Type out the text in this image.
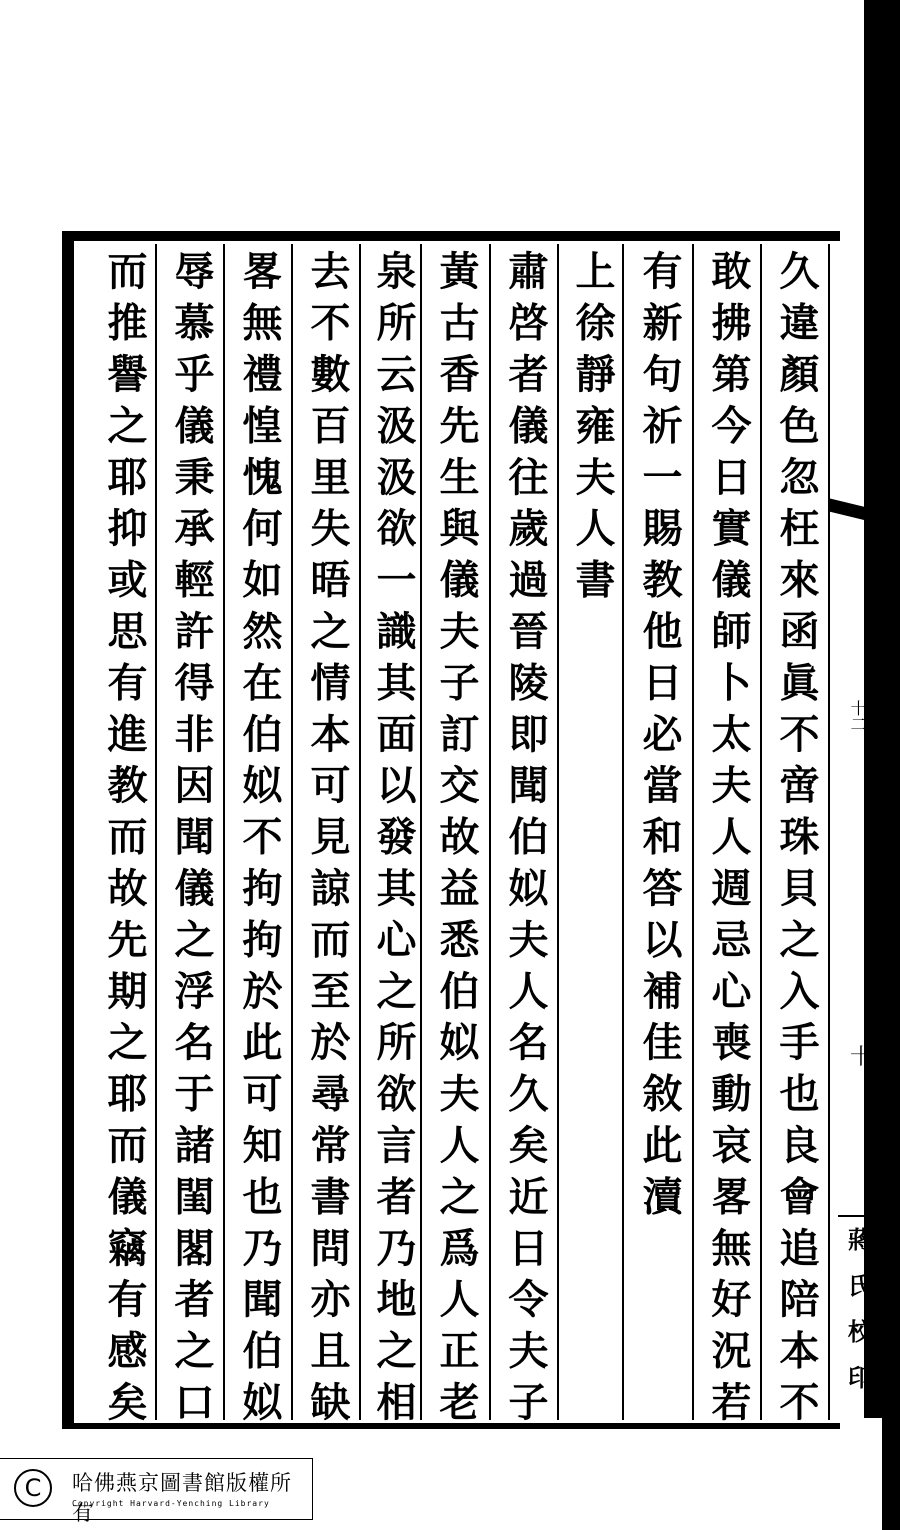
久違顏色忽枉來函眞不啻珠貝之入手也良會追陪本不
敢拂第今日實儀師卜太夫人週忌心喪動哀畧無好況若
有新句祈一賜教他日必當和答以補佳敘此瀆
上徐靜雍夫人書
肅啓者儀往歲過晉陵即聞伯姒夫人名久矣近日令夫子
黃古香先生與儀夫子訂交故益悉伯姒夫人之爲人正老
泉所云汲汲欲一識其面以發其心之所欲言者乃地之相
去不數百里失晤之情本可見諒而至於尋常書問亦且缺
畧無禮惶愧何如然在伯姒不拘拘於此可知也乃聞伯姒
辱慕乎儀秉承輕許得非因聞儀之浮名于諸閨閣者之口
而推譽之耶抑或思有進教而故先期之耶而儀竊有感矣	十二
十
蔣
氏
校
印
C	哈佛燕京圖書館版權所有
Copyright Harvard-Yenching Library
